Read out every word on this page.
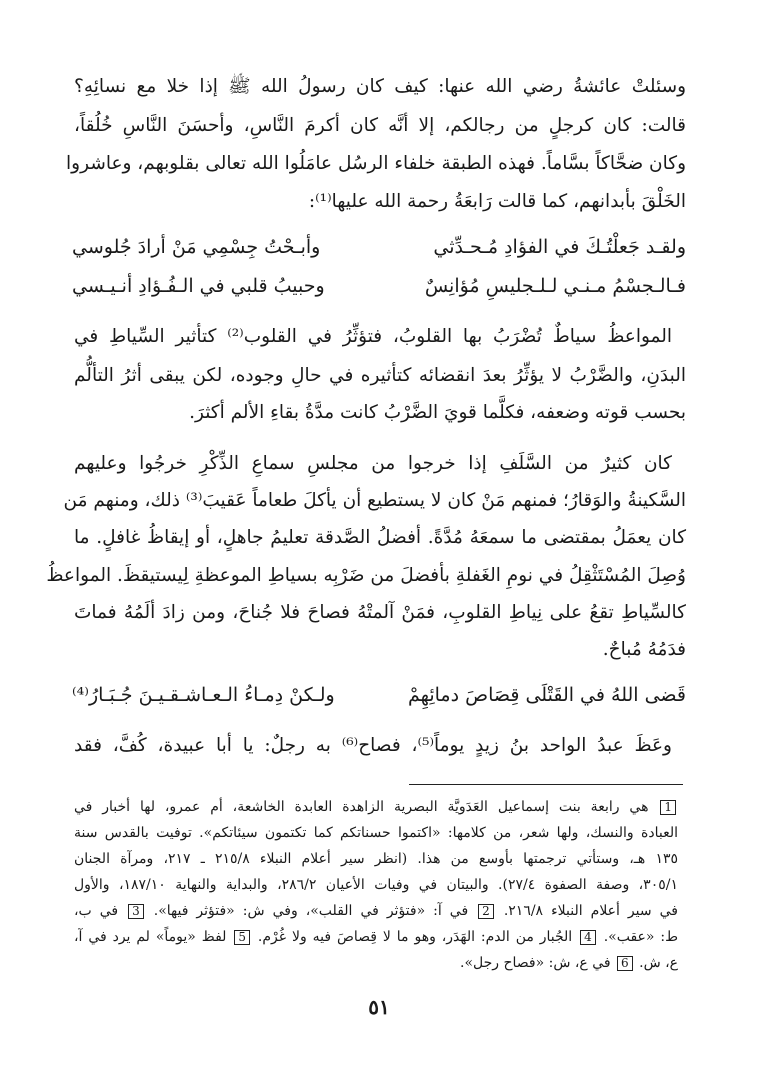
وسئلتْ عائشةُ رضي الله عنها: كيف كان رسولُ الله ﷺ إذا خلا مع نسائِهِ؟
قالت: كان كرجلٍ من رجالكم، إلا أنَّه كان أكرمَ النَّاسِ، وأحسَنَ النَّاسِ خُلُقاً،
وكان ضحَّاكاً بسَّاماً. فهذه الطبقة خلفاء الرسُل عامَلُوا الله تعالى بقلوبهم، وعاشروا
الخَلْقَ بأبدانهم، كما قالت رَابعَةُ رحمة الله عليها⁽¹⁾:
ولقـد جَعلْتُـكَ في الفؤادِ مُـحـدِّثي
وأبـحْتُ جِسْمِي مَنْ أرادَ جُلوسي
فـالـجسْمُ مـنـي لـلـجليسِ مُؤانِسٌ
وحبيبُ قلبي في الـفُـؤادِ أنـيـسي
المواعظُ سياطٌ تُضْرَبُ بها القلوبُ، فتؤثِّرُ في القلوب⁽²⁾ كتأثير السِّياطِ في
البدَنِ، والضَّرْبُ لا يؤثِّرُ بعدَ انقضائه كتأثيره في حالِ وجوده، لكن يبقى أثرُ التألُّم
بحسب قوته وضعفه، فكلَّما قويَ الضَّرْبُ كانت مدَّةُ بقاءِ الألم أكثرَ.
كان كثيرٌ من السَّلَفِ إذا خرجوا من مجلسِ سماعِ الذِّكْرِ خرجُوا وعليهم
السَّكينةُ والوَقارُ؛ فمنهم مَنْ كان لا يستطيع أن يأكلَ طعاماً عَقيبَ⁽³⁾ ذلك، ومنهم مَن
كان يعمَلُ بمقتضى ما سمعَهُ مُدَّةً. أفضلُ الصَّدقة تعليمُ جاهلٍ، أو إيقاظُ غافلٍ. ما
وُصِلَ المُسْتَثْقِلُ في نومِ الغَفلةِ بأفضلَ من ضَرْبِه بسياطِ الموعظةِ لِيستيقظَ. المواعظُ
كالسِّياطِ تقعُ على نِياطِ القلوبِ، فمَنْ آلمتْهُ فصاحَ فلا جُناحَ، ومن زادَ ألَمُهُ فماتَ
فدَمُهُ مُباحٌ.
قَضى اللهُ في القَتْلَى قِصَاصَ دمائِهِمْ
ولـكنْ دِمـاءُ الـعـاشـقـيـنَ جُـبَـارُ⁽⁴⁾
وعَظَ عبدُ الواحد بنُ زيدٍ يوماً⁽⁵⁾، فصاح⁽⁶⁾ به رجلٌ: يا أبا عبيدة، كُفَّ، فقد
1 هي رابعة بنت إسماعيل العَدَويَّة البصرية الزاهدة العابدة الخاشعة، أم عمرو، لها أخبار في
العبادة والنسك، ولها شعر، من كلامها: «اكتموا حسناتكم كما تكتمون سيئاتكم». توفيت بالقدس سنة
١٣٥ هـ، وستأتي ترجمتها بأوسع من هذا. (انظر سير أعلام النبلاء ٢١٥/٨ ـ ٢١٧، ومرآة الجنان
٣٠٥/١، وصفة الصفوة ٢٧/٤). والبيتان في وفيات الأعيان ٢٨٦/٢، والبداية والنهاية ١٨٧/١٠، والأول
في سير أعلام النبلاء ٢١٦/٨. 2 في آ: «فتؤثر في القلب»، وفي ش: «فتؤثر فيها». 3 في ب،
ط: «عقب». 4 الجُبار من الدم: الهَدَر، وهو ما لا قِصاصَ فيه ولا غُرْم. 5 لفظ «يوماً» لم يرد في آ،
ع، ش. 6 في ع، ش: «فصاح رجل».
٥١
